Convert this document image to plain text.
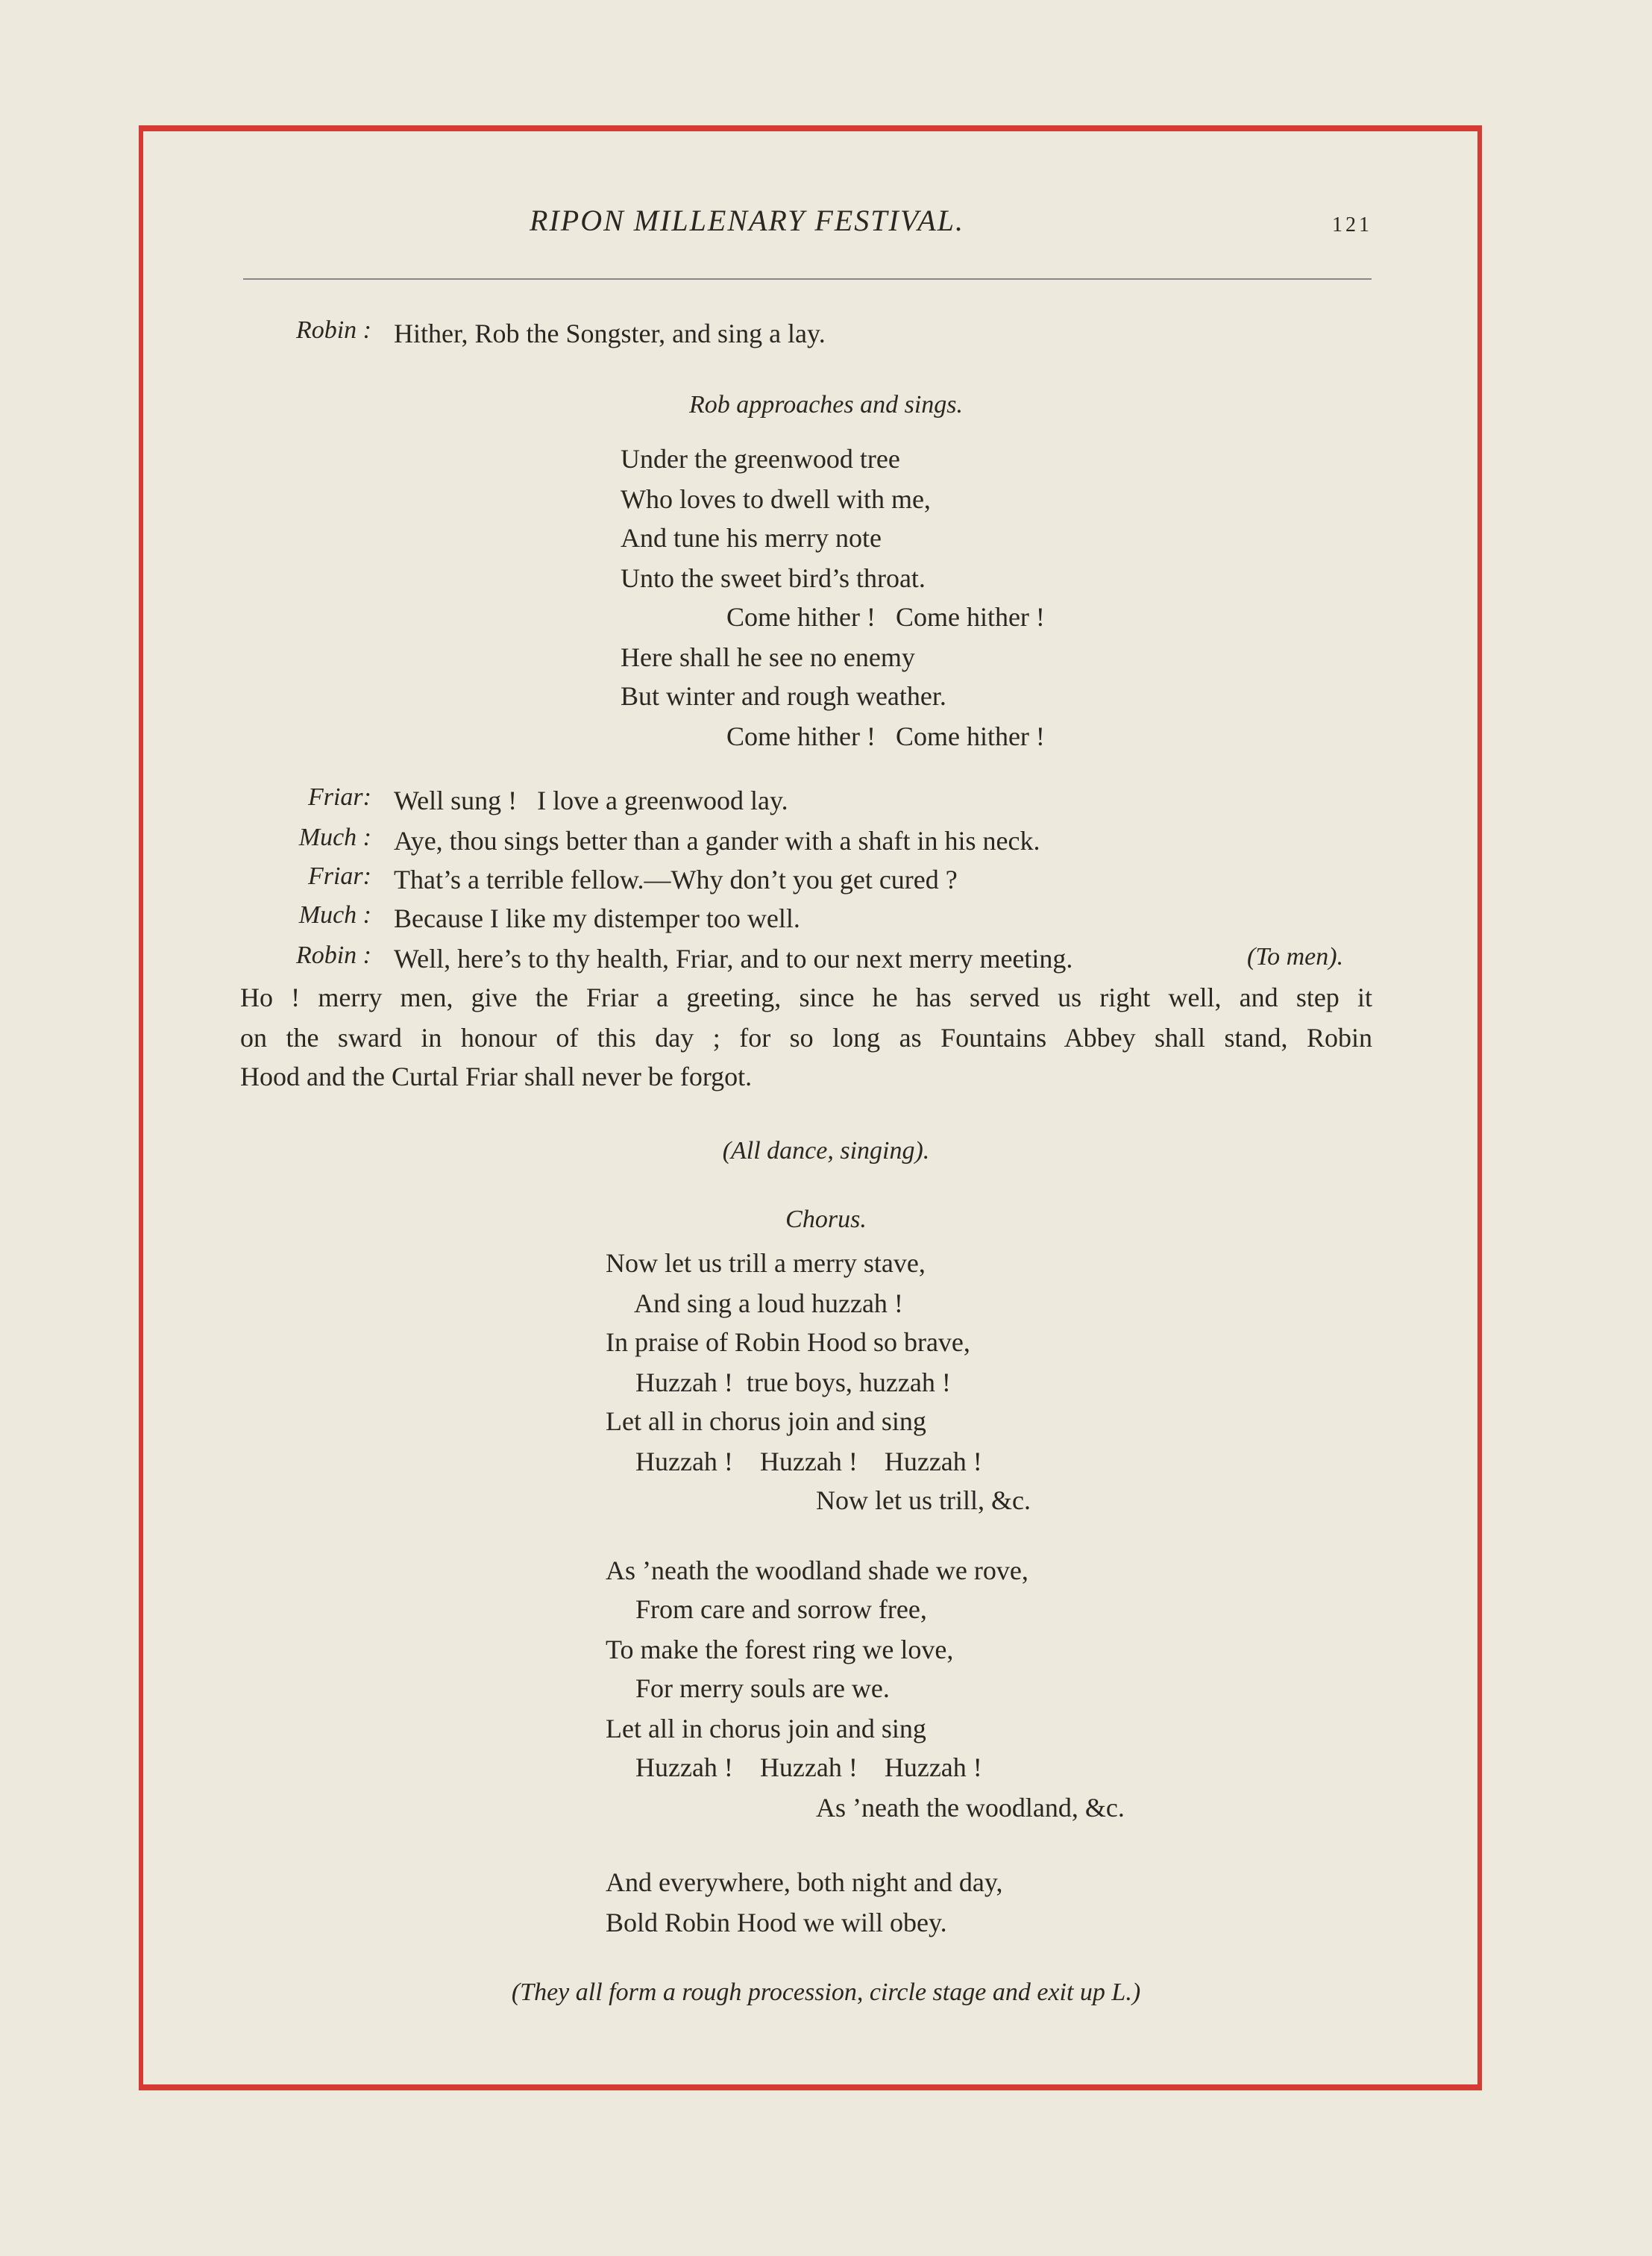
RIPON MILLENARY FESTIVAL.	121
Robin : Hither, Rob the Songster, and sing a lay.
Rob approaches and sings.
Under the greenwood tree
Who loves to dwell with me,
And tune his merry note
Unto the sweet bird’s throat.
Come hither !   Come hither !
Here shall he see no enemy
But winter and rough weather.
Come hither !   Come hither !
Friar: Well sung !   I love a greenwood lay.
Much : Aye, thou sings better than a gander with a shaft in his neck.
Friar: That’s a terrible fellow.—Why don’t you get cured ?
Much : Because I like my distemper too well.
Robin : Well, here’s to thy health, Friar, and to our next merry meeting.	(To men).
Ho ! merry men, give the Friar a greeting, since he has served us right well, and step it
on the sward in honour of this day ; for so long as Fountains Abbey shall stand, Robin
Hood and the Curtal Friar shall never be forgot.
(All dance, singing).
Chorus.
Now let us trill a merry stave,
And sing a loud huzzah !
In praise of Robin Hood so brave,
Huzzah !  true boys, huzzah !
Let all in chorus join and sing
Huzzah !    Huzzah !    Huzzah !
Now let us trill, &c.
As ’neath the woodland shade we rove,
From care and sorrow free,
To make the forest ring we love,
For merry souls are we.
Let all in chorus join and sing
Huzzah !    Huzzah !    Huzzah !
As ’neath the woodland, &c.
And everywhere, both night and day,
Bold Robin Hood we will obey.
(They all form a rough procession, circle stage and exit up L.)
